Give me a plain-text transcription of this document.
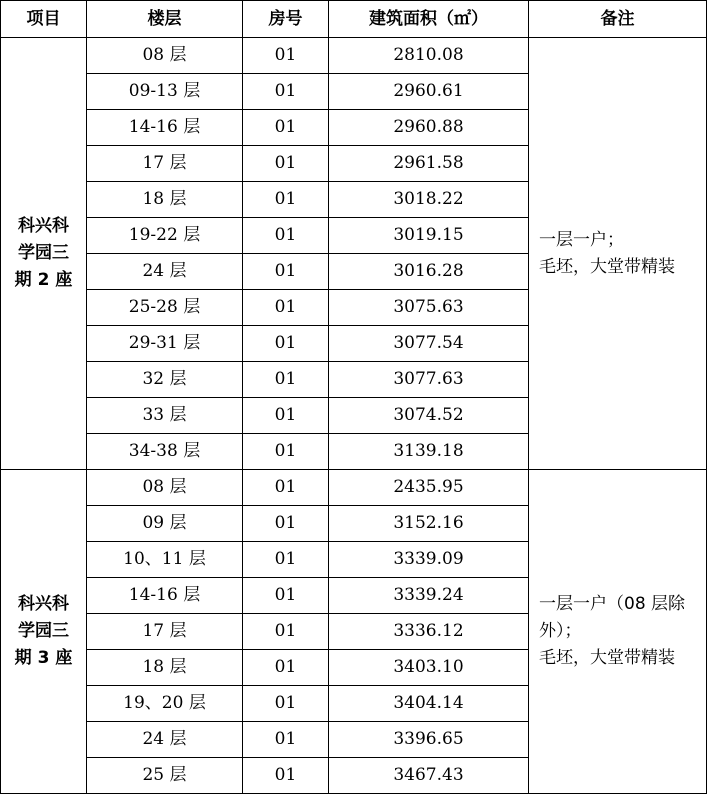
项目	楼层	房号	建筑面积（㎡）	备注

科兴科
学园三
期 2 座	08 层	01	2810.08	一层一户；
毛坯，大堂带精装

	09-13 层	01	2960.61	
	14-16 层	01	2960.88	
	17 层	01	2961.58	
	18 层	01	3018.22	
	19-22 层	01	3019.15	
	24 层	01	3016.28	
	25-28 层	01	3075.63	
	29-31 层	01	3077.54	
	32 层	01	3077.63	
	33 层	01	3074.52	
	34-38 层	01	3139.18	

科兴科
学园三
期 3 座	08 层	01	2435.95	一层一户（08 层除
外）；
毛坯，大堂带精装

	09 层	01	3152.16	
	10、11 层	01	3339.09	
	14-16 层	01	3339.24	
	17 层	01	3336.12	
	18 层	01	3403.10	
	19、20 层	01	3404.14	
	24 层	01	3396.65	
	25 层	01	3467.43	
